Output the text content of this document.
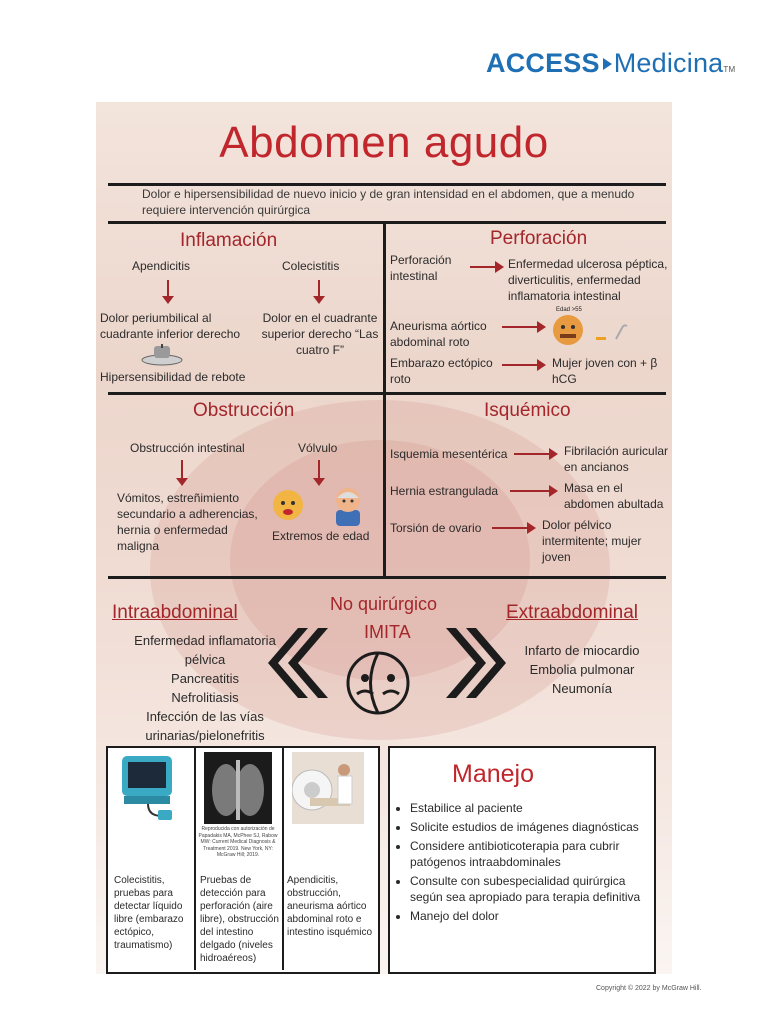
ACCESS MedicinaTM
Abdomen agudo
Dolor e hipersensibilidad de nuevo inicio y de gran intensidad en el abdomen, que a menudo requiere intervención quirúrgica
Inflamación
Apendicitis	Colecistitis
Dolor periumbilical al cuadrante inferior derecho
Dolor en el cuadrante superior derecho “Las cuatro F”
Hipersensibilidad de rebote
Perforación
Perforación intestinal
Enfermedad ulcerosa péptica, diverticulitis, enfermedad inflamatoria intestinal
Aneurisma aórtico abdominal roto
Edad >55
Embarazo ectópico roto
Mujer joven con + β hCG
Obstrucción
Obstrucción intestinal	Vólvulo
Vómitos, estreñimiento secundario a adherencias, hernia o enfermedad maligna
Extremos de edad
Isquémico
Isquemia mesentérica	Fibrilación auricular en ancianos
Hernia estrangulada	Masa en el abdomen abultada
Torsión de ovario	Dolor pélvico intermitente; mujer joven
No quirúrgico
IMITA
Intraabdominal
Enfermedad inflamatoria
pélvica
Pancreatitis
Nefrolitiasis
Infección de las vías
urinarias/pielonefritis
Extraabdominal
Infarto de miocardio
Embolia pulmonar
Neumonía
Reproducida con autorización de Papadakis MA, McPhee SJ, Rabow MW: Current Medical Diagnosis & Treatment 2019. New York, NY: McGraw Hill; 2019.
Colecistitis, pruebas para detectar líquido libre (embarazo ectópico, traumatismo)
Pruebas de detección para perforación (aire libre), obstrucción del intestino delgado (niveles hidroaéreos)
Apendicitis, obstrucción, aneurisma aórtico abdominal roto e intestino isquémico
Manejo
• Estabilice al paciente
• Solicite estudios de imágenes diagnósticas
• Considere antibioticoterapia para cubrir patógenos intraabdominales
• Consulte con subespecialidad quirúrgica según sea apropiado para terapia definitiva
• Manejo del dolor
Copyright © 2022 by McGraw Hill.
